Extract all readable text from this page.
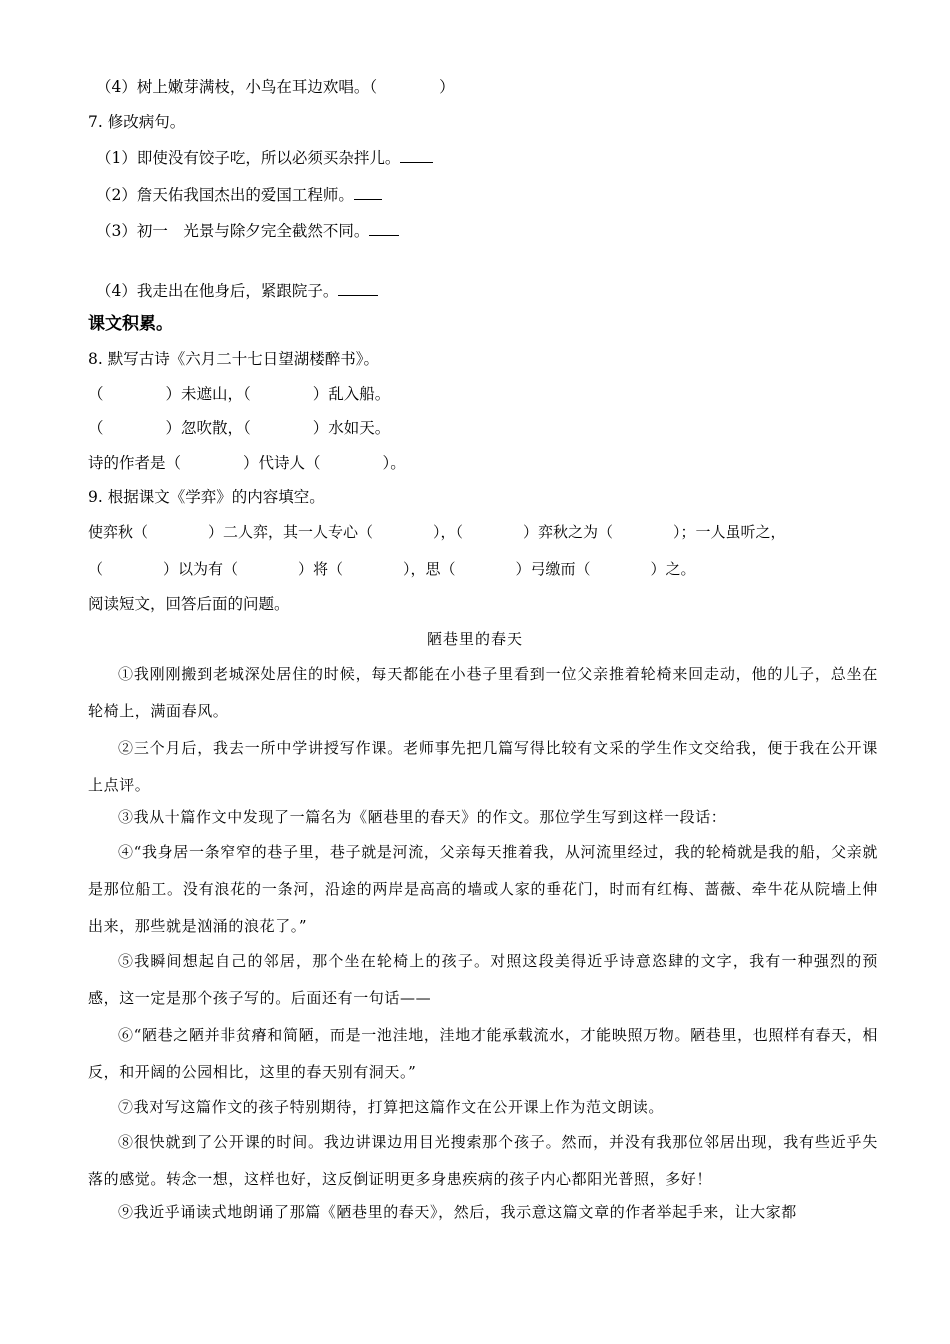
（4）树上嫩芽满枝，小鸟在耳边欢唱。（　　　　）
7. 修改病句。
（1）即使没有饺子吃，所以必须买杂拌儿。
（2）詹天佑我国杰出的爱国工程师。
（3）初一　光景与除夕完全截然不同。
（4）我走出在他身后，紧跟院子。
课文积累。
8. 默写古诗《六月二十七日望湖楼醉书》。
（　　　　）未遮山，（　　　　）乱入船。
（　　　　）忽吹散，（　　　　）水如天。
诗的作者是（　　　　）代诗人（　　　　）。
9. 根据课文《学弈》的内容填空。
使弈秋（　　　　）二人弈，其一人专心（　　　　），（　　　　）弈秋之为（　　　　）；一人虽听之，
（　　　　）以为有（　　　　）将（　　　　），思（　　　　）弓缴而（　　　　）之。
阅读短文，回答后面的问题。
陋巷里的春天
①我刚刚搬到老城深处居住的时候，每天都能在小巷子里看到一位父亲推着轮椅来回走动，他的儿子，总坐在轮椅上，满面春风。
②三个月后，我去一所中学讲授写作课。老师事先把几篇写得比较有文采的学生作文交给我，便于我在公开课上点评。
③我从十篇作文中发现了一篇名为《陋巷里的春天》的作文。那位学生写到这样一段话：
④“我身居一条窄窄的巷子里，巷子就是河流，父亲每天推着我，从河流里经过，我的轮椅就是我的船，父亲就是那位船工。没有浪花的一条河，沿途的两岸是高高的墙或人家的垂花门，时而有红梅、蔷薇、牵牛花从院墙上伸出来，那些就是汹涌的浪花了。”
⑤我瞬间想起自己的邻居，那个坐在轮椅上的孩子。对照这段美得近乎诗意恣肆的文字，我有一种强烈的预感，这一定是那个孩子写的。后面还有一句话——
⑥“陋巷之陋并非贫瘠和简陋，而是一池洼地，洼地才能承载流水，才能映照万物。陋巷里，也照样有春天，相反，和开阔的公园相比，这里的春天别有洞天。”
⑦我对写这篇作文的孩子特别期待，打算把这篇作文在公开课上作为范文朗读。
⑧很快就到了公开课的时间。我边讲课边用目光搜索那个孩子。然而，并没有我那位邻居出现，我有些近乎失落的感觉。转念一想，这样也好，这反倒证明更多身患疾病的孩子内心都阳光普照，多好！
⑨我近乎诵读式地朗诵了那篇《陋巷里的春天》，然后，我示意这篇文章的作者举起手来，让大家都
